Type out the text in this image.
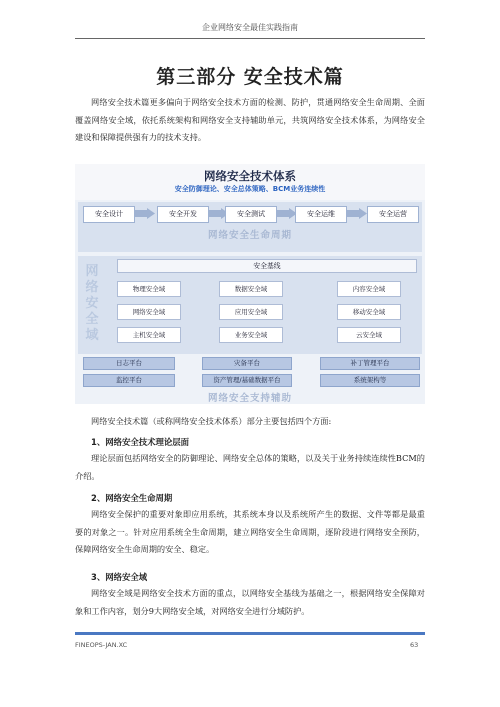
企业网络安全最佳实践指南
第三部分 安全技术篇
网络安全技术篇更多偏向于网络安全技术方面的检测、防护，贯通网络安全生命周期、全面覆盖网络安全域，依托系统架构和网络安全支持辅助单元，共筑网络安全技术体系，为网络安全建设和保障提供强有力的技术支持。
网络安全技术体系
安全防御理论、安全总体策略、BCM业务连续性
安全设计	安全开发	安全测试	安全运维	安全运营
网络安全生命周期
网络安全域
安全基线
物理安全域
网络安全域
主机安全域
数据安全域
应用安全域
业务安全域
内容安全域
移动安全域
云安全域
日志平台	灾备平台	补丁管理平台
监控平台	资产管理/基础数据平台	系统架构等
网络安全支持辅助
网络安全技术篇（或称网络安全技术体系）部分主要包括四个方面:
1、网络安全技术理论层面
理论层面包括网络安全的防御理论、网络安全总体的策略，以及关于业务持续连续性BCM的介绍。
2、网络安全生命周期
网络安全保护的重要对象即应用系统，其系统本身以及系统所产生的数据、文件等都是最重要的对象之一。针对应用系统全生命周期，建立网络安全生命周期，逐阶段进行网络安全预防，保障网络安全生命周期的安全、稳定。
3、网络安全域
网络安全域是网络安全技术方面的重点，以网络安全基线为基础之一，根据网络安全保障对象和工作内容，划分9大网络安全域，对网络安全进行分域防护。
FINEOPS-JAN.XC	63
